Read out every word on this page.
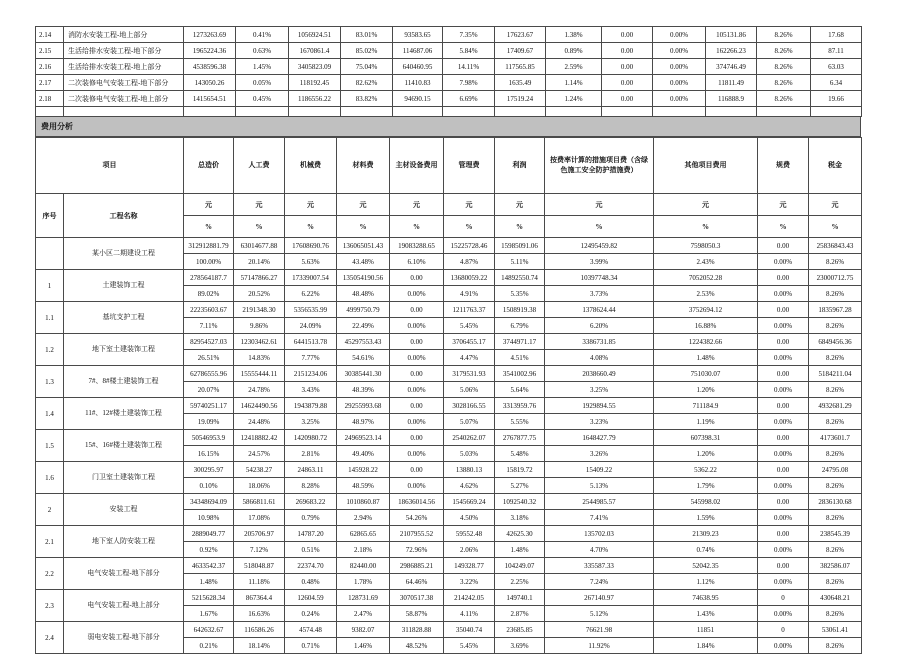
2.14	消防水安装工程-地上部分	1273263.69	0.41%	1056924.51	83.01%	93583.65	7.35%	17623.67	1.38%	0.00	0.00%	105131.86	8.26%	17.68
2.15	生活给排水安装工程-地下部分	1965224.36	0.63%	1670861.4	85.02%	114687.06	5.84%	17409.67	0.89%	0.00	0.00%	162266.23	8.26%	87.11
2.16	生活给排水安装工程-地上部分	4538596.38	1.45%	3405823.09	75.04%	640460.95	14.11%	117565.85	2.59%	0.00	0.00%	374746.49	8.26%	63.03
2.17	二次装修电气安装工程-地下部分	143050.26	0.05%	118192.45	82.62%	11410.83	7.98%	1635.49	1.14%	0.00	0.00%	11811.49	8.26%	6.34
2.18	二次装修电气安装工程-地上部分	1415654.51	0.45%	1186556.22	83.82%	94690.15	6.69%	17519.24	1.24%	0.00	0.00%	116888.9	8.26%	19.66

费用分析
项目		总造价	人工费	机械费	材料费	主材设备费用	管理费	利润	按费率计算的措施项目费（含绿色施工安全防护措施费）	其他项目费用	规费	税金
序号	工程名称	元	元	元	元	元	元	元	元	元	元	元
		%	%	%	%	%	%	%	%	%	%	%
	某小区二期建设工程	312912881.79	63014677.88	17608690.76	136065051.43	19083288.65	15225728.46	15985091.06	12495459.82	7598050.3	0.00	25836843.43
		100.00%	20.14%	5.63%	43.48%	6.10%	4.87%	5.11%	3.99%	2.43%	0.00%	8.26%
1	土建装饰工程	278564187.7	57147866.27	17339007.54	135054190.56	0.00	13680059.22	14892550.74	10397748.34	7052052.28	0.00	23000712.75
		89.02%	20.52%	6.22%	48.48%	0.00%	4.91%	5.35%	3.73%	2.53%	0.00%	8.26%
1.1	基坑支护工程	22235603.67	2191348.30	5356535.99	4999750.79	0.00	1211763.37	1508919.38	1378624.44	3752694.12	0.00	1835967.28
		7.11%	9.86%	24.09%	22.49%	0.00%	5.45%	6.79%	6.20%	16.88%	0.00%	8.26%
1.2	地下室土建装饰工程	82954527.03	12303462.61	6441513.78	45297553.43	0.00	3706455.17	3744971.17	3386731.85	1224382.66	0.00	6849456.36
		26.51%	14.83%	7.77%	54.61%	0.00%	4.47%	4.51%	4.08%	1.48%	0.00%	8.26%
1.3	7#、8#楼土建装饰工程	62786555.96	15555444.11	2151234.06	30385441.30	0.00	3179531.93	3541002.96	2038660.49	751030.07	0.00	5184211.04
		20.07%	24.78%	3.43%	48.39%	0.00%	5.06%	5.64%	3.25%	1.20%	0.00%	8.26%
1.4	11#、12#楼土建装饰工程	59740251.17	14624490.56	1943879.88	29255993.68	0.00	3028166.55	3313959.76	1929894.55	711184.9	0.00	4932681.29
		19.09%	24.48%	3.25%	48.97%	0.00%	5.07%	5.55%	3.23%	1.19%	0.00%	8.26%
1.5	15#、16#楼土建装饰工程	50546953.9	12418882.42	1420980.72	24969523.14	0.00	2540262.07	2767877.75	1648427.79	607398.31	0.00	4173601.7
		16.15%	24.57%	2.81%	49.40%	0.00%	5.03%	5.48%	3.26%	1.20%	0.00%	8.26%
1.6	门卫室土建装饰工程	300295.97	54238.27	24863.11	145928.22	0.00	13880.13	15819.72	15409.22	5362.22	0.00	24795.08
		0.10%	18.06%	8.28%	48.59%	0.00%	4.62%	5.27%	5.13%	1.79%	0.00%	8.26%
2	安装工程	34348694.09	5866811.61	269683.22	1010860.87	18636014.56	1545669.24	1092540.32	2544985.57	545998.02	0.00	2836130.68
		10.98%	17.08%	0.79%	2.94%	54.26%	4.50%	3.18%	7.41%	1.59%	0.00%	8.26%
2.1	地下室人防安装工程	2889049.77	205706.97	14787.20	62865.65	2107955.52	59552.48	42625.30	135702.03	21309.23	0.00	238545.39
		0.92%	7.12%	0.51%	2.18%	72.96%	2.06%	1.48%	4.70%	0.74%	0.00%	8.26%
2.2	电气安装工程-地下部分	4633542.37	518048.87	22374.70	82440.00	2986885.21	149328.77	104249.07	335587.33	52042.35	0.00	382586.07
		1.48%	11.18%	0.48%	1.78%	64.46%	3.22%	2.25%	7.24%	1.12%	0.00%	8.26%
2.3	电气安装工程-地上部分	5215628.34	867364.4	12604.59	128731.69	3070517.38	214242.05	149740.1	267140.97	74638.95	0	430648.21
		1.67%	16.63%	0.24%	2.47%	58.87%	4.11%	2.87%	5.12%	1.43%	0.00%	8.26%
2.4	弱电安装工程-地下部分	642632.67	116586.26	4574.48	9382.07	311828.88	35040.74	23685.85	76621.98	11851	0	53061.41
		0.21%	18.14%	0.71%	1.46%	48.52%	5.45%	3.69%	11.92%	1.84%	0.00%	8.26%
